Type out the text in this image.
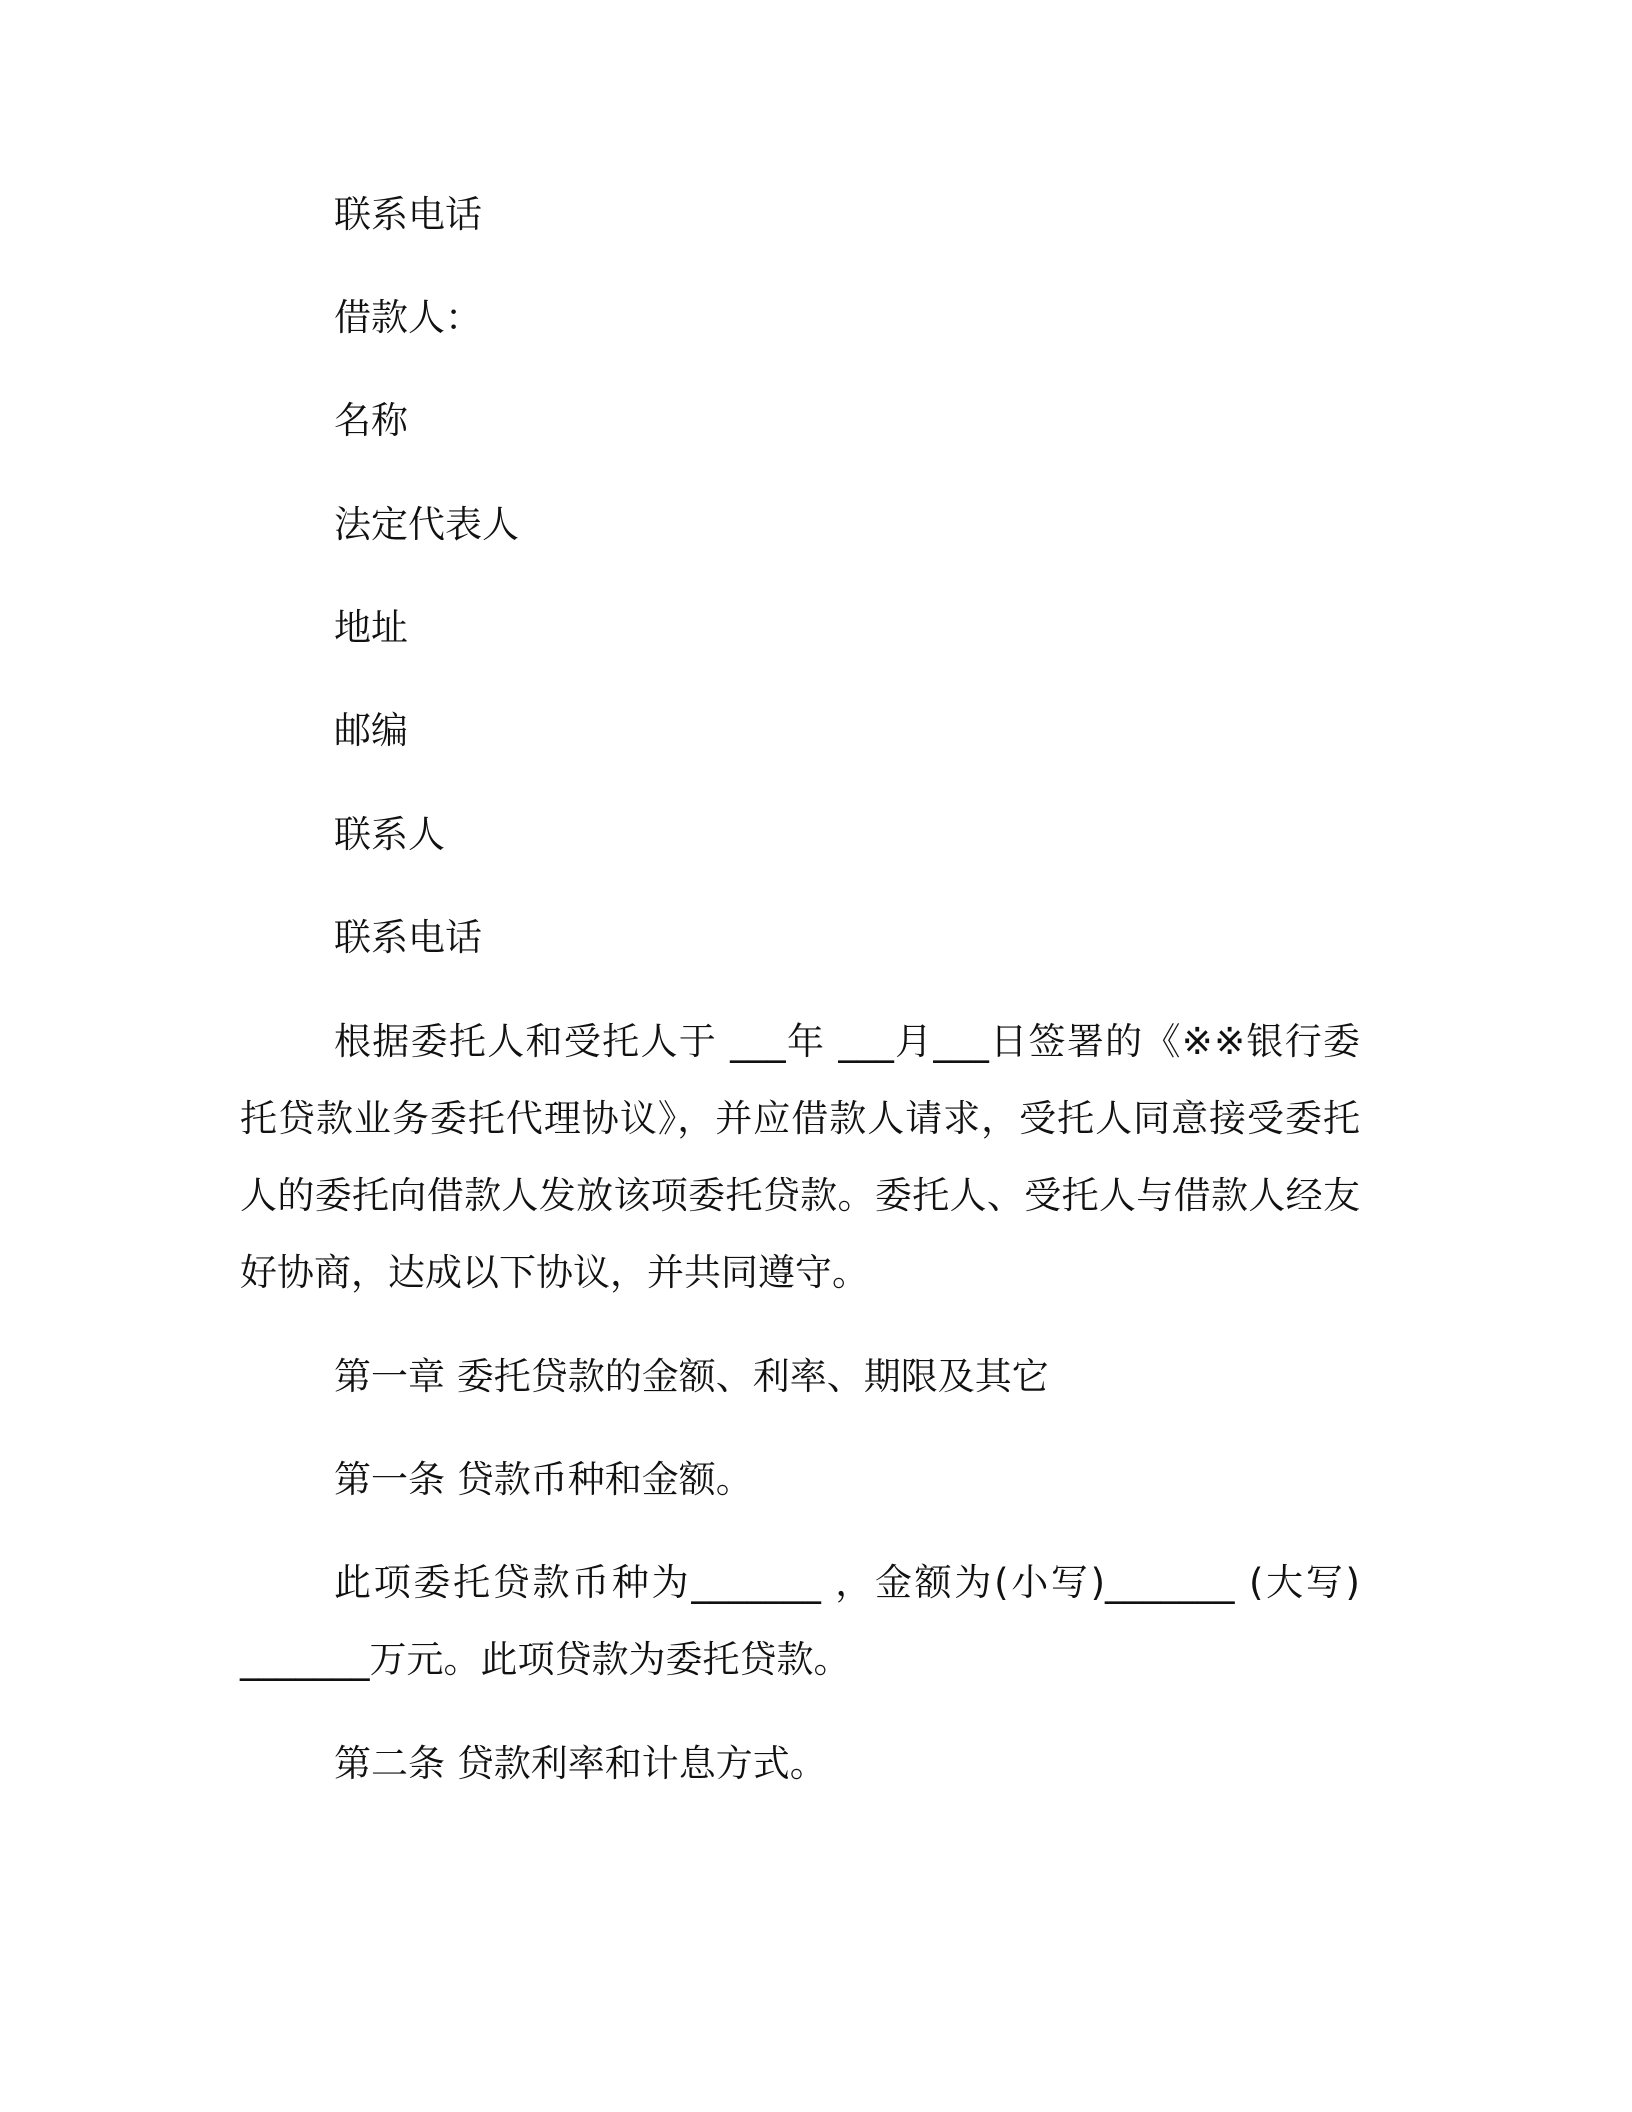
联系电话

借款人：

名称

法定代表人

地址

邮编

联系人

联系电话

根据委托人和受托人于 ___年 ___月___日签署的《※※银行委托贷款业务委托代理协议》，并应借款人请求，受托人同意接受委托人的委托向借款人发放该项委托贷款。委托人、受托人与借款人经友好协商，达成以下协议，并共同遵守。

第一章 委托贷款的金额、利率、期限及其它

第一条 贷款币种和金额。

此项委托贷款币种为_______ ，金额为(小写)_______ (大写) _______万元。此项贷款为委托贷款。

第二条 贷款利率和计息方式。
